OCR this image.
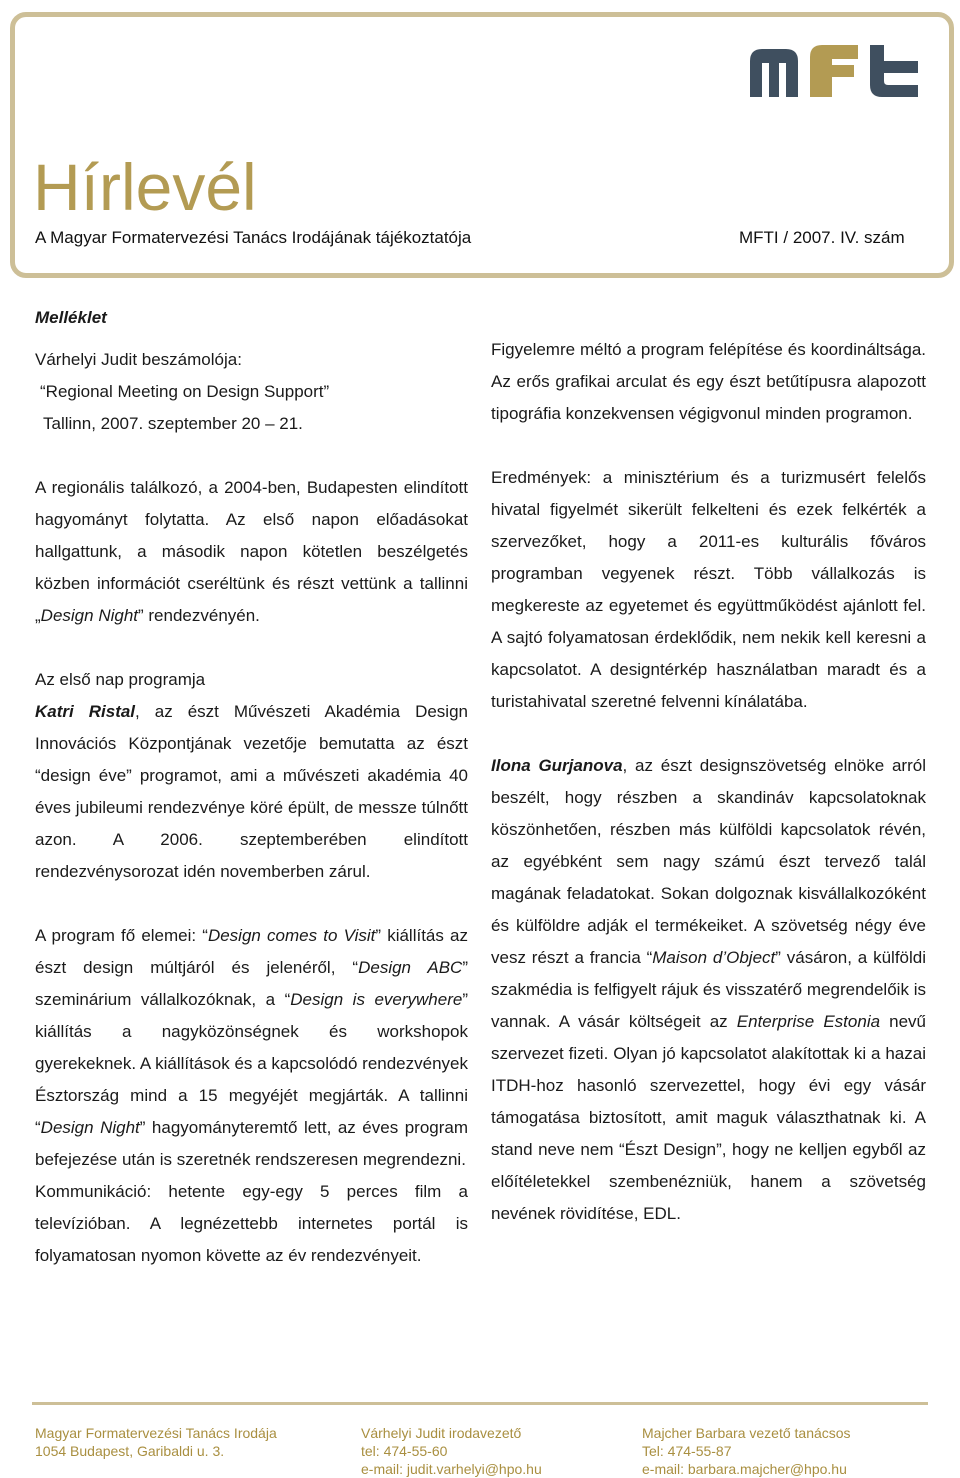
Hírlevél
A Magyar Formatervezési Tanács Irodájának tájékoztatója	MFTI / 2007. IV. szám

Melléklet

Várhelyi Judit beszámolója:

“Regional Meeting on Design Support”

Tallinn, 2007. szeptember 20 – 21.

A regionális találkozó, a 2004-ben, Budapesten elindított hagyományt folytatta. Az első napon előadásokat hallgattunk, a második napon kötetlen beszélgetés közben információt cseréltünk és részt vettünk a tallinni „Design Night” rendezvényén.

Az első nap programja

Katri Ristal, az észt Művészeti Akadémia Design Innovációs Központjának vezetője bemutatta az észt “design éve” programot, ami a művészeti akadémia 40 éves jubileumi rendezvénye köré épült, de messze túlnőtt azon. A 2006. szeptemberében elindított rendezvénysorozat idén novemberben zárul.

A program fő elemei: “Design comes to Visit” kiállítás az észt design múltjáról és jelenéről, “Design ABC” szeminárium vállalkozóknak, a “Design is everywhere” kiállítás a nagyközönségnek és workshopok gyerekeknek. A kiállítások és a kapcsolódó rendezvények Észtország mind a 15 megyéjét megjárták. A tallinni “Design Night” hagyományteremtő lett, az éves program befejezése után is szeretnék rendszeresen megrendezni.

Kommunikáció: hetente egy-egy 5 perces film a televízióban. A legnézettebb internetes portál is folyamatosan nyomon követte az év rendezvényeit.

Figyelemre méltó a program felépítése és koordináltsága. Az erős grafikai arculat és egy észt betűtípusra alapozott tipográfia konzekvensen végigvonul minden programon.

Eredmények: a minisztérium és a turizmusért felelős hivatal figyelmét sikerült felkelteni és ezek felkérték a szervezőket, hogy a 2011-es kulturális főváros programban vegyenek részt. Több vállalkozás is megkereste az egyetemet és együttműködést ajánlott fel. A sajtó folyamatosan érdeklődik, nem nekik kell keresni a kapcsolatot. A designtérkép használatban maradt és a turistahivatal szeretné felvenni kínálatába.

Ilona Gurjanova, az észt designszövetség elnöke arról beszélt, hogy részben a skandináv kapcsolatoknak köszönhetően, részben más külföldi kapcsolatok révén, az egyébként sem nagy számú észt tervező talál magának feladatokat. Sokan dolgoznak kisvállalkozóként és külföldre adják el termékeiket. A szövetség négy éve vesz részt a francia “Maison d’Object” vásáron, a külföldi szakmédia is felfigyelt rájuk és visszatérő megrendelőik is vannak. A vásár költségeit az Enterprise Estonia nevű szervezet fizeti. Olyan jó kapcsolatot alakítottak ki a hazai ITDH-hoz hasonló szervezettel, hogy évi egy vásár támogatása biztosított, amit maguk választhatnak ki. A stand neve nem “Észt Design”, hogy ne kelljen egyből az előítéletekkel szembenézniük, hanem a szövetség nevének rövidítése, EDL.

Magyar Formatervezési Tanács Irodája
1054 Budapest, Garibaldi u. 3.
Várhelyi Judit irodavezető
tel: 474-55-60
e-mail: judit.varhelyi@hpo.hu
Majcher Barbara vezető tanácsos
Tel: 474-55-87
e-mail: barbara.majcher@hpo.hu
